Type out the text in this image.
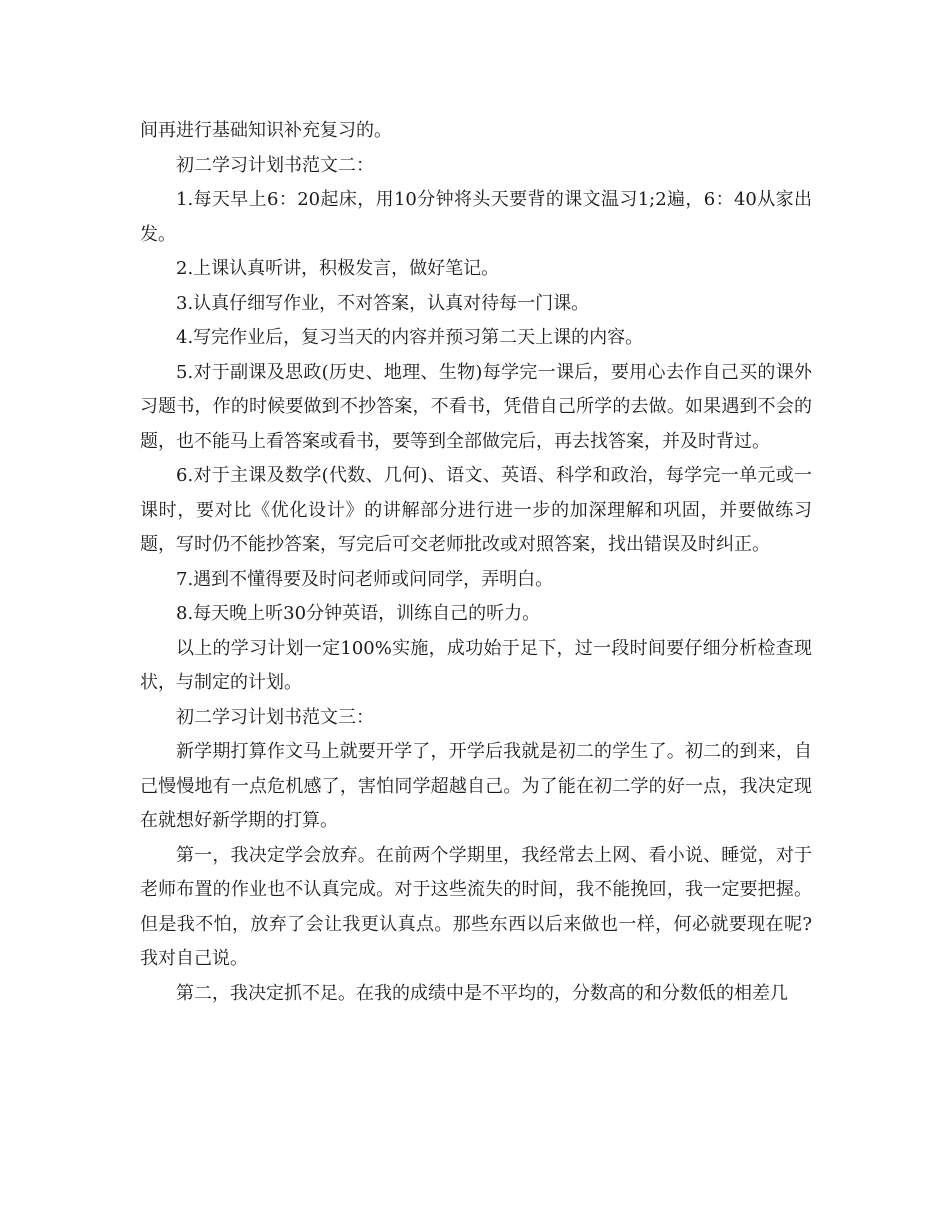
间再进行基础知识补充复习的。

初二学习计划书范文二：

1.每天早上6：20起床，用10分钟将头天要背的课文温习1;2遍，6：40从家出发。

2.上课认真听讲，积极发言，做好笔记。

3.认真仔细写作业，不对答案，认真对待每一门课。

4.写完作业后，复习当天的内容并预习第二天上课的内容。

5.对于副课及思政(历史、地理、生物)每学完一课后，要用心去作自己买的课外习题书，作的时候要做到不抄答案，不看书，凭借自己所学的去做。如果遇到不会的题，也不能马上看答案或看书，要等到全部做完后，再去找答案，并及时背过。

6.对于主课及数学(代数、几何)、语文、英语、科学和政治，每学完一单元或一课时，要对比《优化设计》的讲解部分进行进一步的加深理解和巩固，并要做练习题，写时仍不能抄答案，写完后可交老师批改或对照答案，找出错误及时纠正。

7.遇到不懂得要及时问老师或问同学，弄明白。

8.每天晚上听30分钟英语，训练自己的听力。

以上的学习计划一定100%实施，成功始于足下，过一段时间要仔细分析检查现状，与制定的计划。

初二学习计划书范文三：

新学期打算作文马上就要开学了，开学后我就是初二的学生了。初二的到来，自己慢慢地有一点危机感了，害怕同学超越自己。为了能在初二学的好一点，我决定现在就想好新学期的打算。

第一，我决定学会放弃。在前两个学期里，我经常去上网、看小说、睡觉，对于老师布置的作业也不认真完成。对于这些流失的时间，我不能挽回，我一定要把握。但是我不怕，放弃了会让我更认真点。那些东西以后来做也一样，何必就要现在呢?我对自己说。

第二，我决定抓不足。在我的成绩中是不平均的，分数高的和分数低的相差几
